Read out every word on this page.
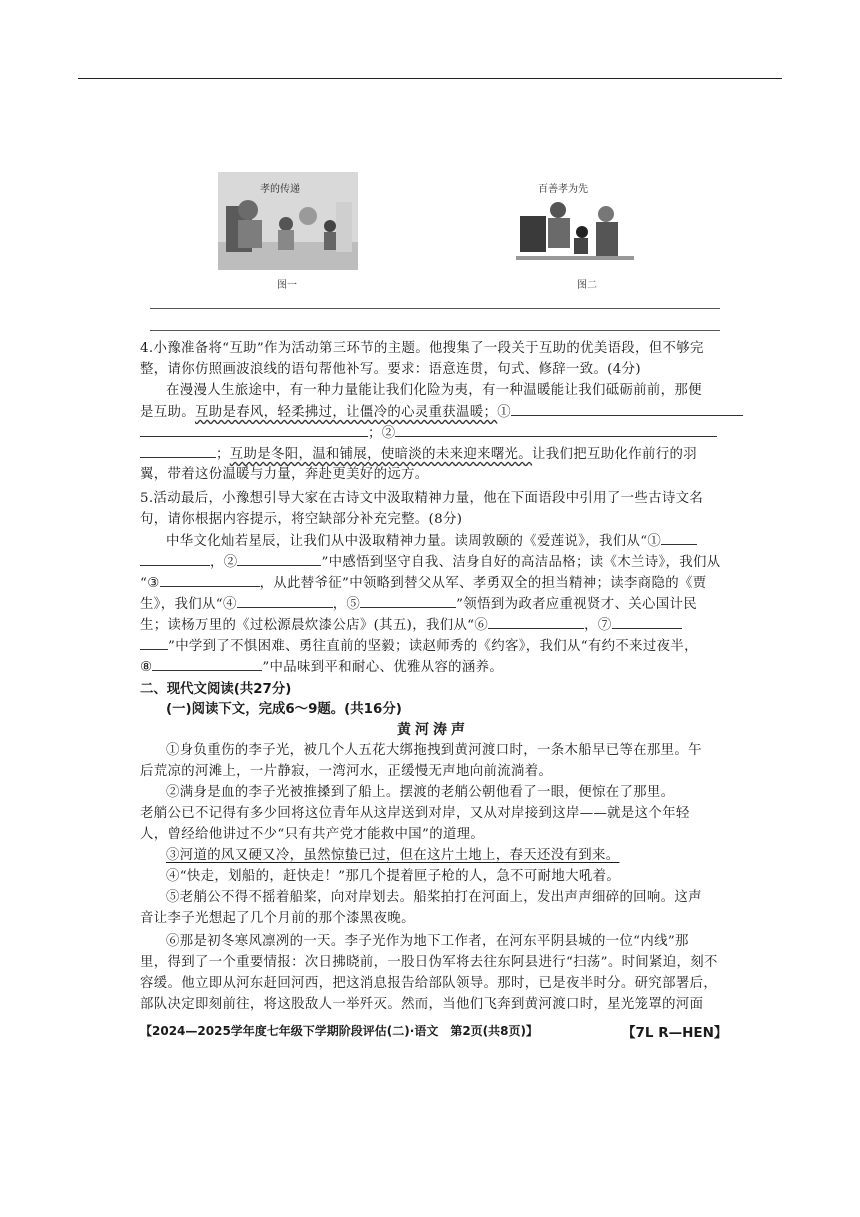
孝的传递
图一
百善孝为先
图二
4.小豫准备将“互助”作为活动第三环节的主题。他搜集了一段关于互助的优美语段，但不够完
整，请你仿照画波浪线的语句帮他补写。要求：语意连贯，句式、修辞一致。(4分)
在漫漫人生旅途中，有一种力量能让我们化险为夷，有一种温暖能让我们砥砺前前，那便
是互助。互助是春风，轻柔拂过，让僵冷的心灵重获温暖；①
；②
；互助是冬阳，温和铺展，使暗淡的未来迎来曙光。让我们把互助化作前行的羽
翼，带着这份温暖与力量，奔赴更美好的远方。
5.活动最后，小豫想引导大家在古诗文中汲取精神力量，他在下面语段中引用了一些古诗文名
句，请你根据内容提示，将空缺部分补充完整。(8分)
中华文化灿若星辰，让我们从中汲取精神力量。读周敦颐的《爱莲说》，我们从“①
，②	”中感悟到坚守自我、洁身自好的高洁品格；读《木兰诗》，我们从
“③	，从此替爷征”中领略到替父从军、孝勇双全的担当精神；读李商隐的《贾
生》，我们从“④	，⑤	”领悟到为政者应重视贤才、关心国计民
生；读杨万里的《过松源晨炊漆公店》(其五)，我们从“⑥	，⑦
”中学到了不惧困难、勇往直前的坚毅；读赵师秀的《约客》，我们从“有约不来过夜半，
⑧	”中品味到平和耐心、优雅从容的涵养。
二、现代文阅读(共27分)
(一)阅读下文，完成6～9题。(共16分)
黄河涛声
①身负重伤的李子光，被几个人五花大绑拖拽到黄河渡口时，一条木船早已等在那里。午
后荒凉的河滩上，一片静寂，一湾河水，正缓慢无声地向前流淌着。
②满身是血的李子光被推搡到了船上。摆渡的老艄公朝他看了一眼，便惊在了那里。
老艄公已不记得有多少回将这位青年从这岸送到对岸，又从对岸接到这岸——就是这个年轻
人，曾经给他讲过不少“只有共产党才能救中国”的道理。
③河道的风又硬又冷，虽然惊蛰已过，但在这片土地上，春天还没有到来。
④“快走，划船的，赶快走！”那几个提着匣子枪的人，急不可耐地大吼着。
⑤老艄公不得不摇着船桨，向对岸划去。船桨拍打在河面上，发出声声细碎的回响。这声
音让李子光想起了几个月前的那个漆黑夜晚。
⑥那是初冬寒风凛冽的一天。李子光作为地下工作者，在河东平阴县城的一位“内线”那
里，得到了一个重要情报：次日拂晓前，一股日伪军将去往东阿县进行“扫荡”。时间紧迫，刻不
容缓。他立即从河东赶回河西，把这消息报告给部队领导。那时，已是夜半时分。研究部署后，
部队决定即刻前往，将这股敌人一举歼灭。然而，当他们飞奔到黄河渡口时，星光笼罩的河面
【2024—2025学年度七年级下学期阶段评估(二)·语文　第2页(共8页)】	【7L R—HEN】
